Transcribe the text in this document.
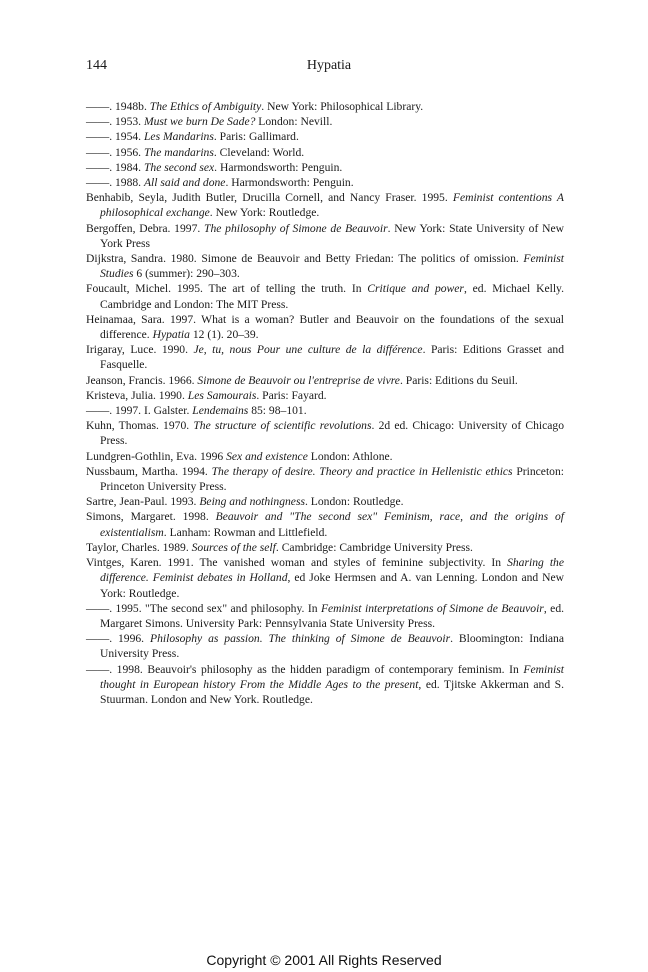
144	Hypatia

——. 1948b. The Ethics of Ambiguity. New York: Philosophical Library.

——. 1953. Must we burn De Sade? London: Nevill.

——. 1954. Les Mandarins. Paris: Gallimard.

——. 1956. The mandarins. Cleveland: World.

——. 1984. The second sex. Harmondsworth: Penguin.

——. 1988. All said and done. Harmondsworth: Penguin.

Benhabib, Seyla, Judith Butler, Drucilla Cornell, and Nancy Fraser. 1995. Feminist contentions A philosophical exchange. New York: Routledge.

Bergoffen, Debra. 1997. The philosophy of Simone de Beauvoir. New York: State University of New York Press

Dijkstra, Sandra. 1980. Simone de Beauvoir and Betty Friedan: The politics of omission. Feminist Studies 6 (summer): 290–303.

Foucault, Michel. 1995. The art of telling the truth. In Critique and power, ed. Michael Kelly. Cambridge and London: The MIT Press.

Heinamaa, Sara. 1997. What is a woman? Butler and Beauvoir on the foundations of the sexual difference. Hypatia 12 (1). 20–39.

Irigaray, Luce. 1990. Je, tu, nous Pour une culture de la différence. Paris: Editions Grasset and Fasquelle.

Jeanson, Francis. 1966. Simone de Beauvoir ou l'entreprise de vivre. Paris: Editions du Seuil.

Kristeva, Julia. 1990. Les Samourais. Paris: Fayard.

——. 1997. I. Galster. Lendemains 85: 98–101.

Kuhn, Thomas. 1970. The structure of scientific revolutions. 2d ed. Chicago: University of Chicago Press.

Lundgren-Gothlin, Eva. 1996 Sex and existence London: Athlone.

Nussbaum, Martha. 1994. The therapy of desire. Theory and practice in Hellenistic ethics Princeton: Princeton University Press.

Sartre, Jean-Paul. 1993. Being and nothingness. London: Routledge.

Simons, Margaret. 1998. Beauvoir and "The second sex" Feminism, race, and the origins of existentialism. Lanham: Rowman and Littlefield.

Taylor, Charles. 1989. Sources of the self. Cambridge: Cambridge University Press.

Vintges, Karen. 1991. The vanished woman and styles of feminine subjectivity. In Sharing the difference. Feminist debates in Holland, ed Joke Hermsen and A. van Lenning. London and New York: Routledge.

——. 1995. "The second sex" and philosophy. In Feminist interpretations of Simone de Beauvoir, ed. Margaret Simons. University Park: Pennsylvania State University Press.

——. 1996. Philosophy as passion. The thinking of Simone de Beauvoir. Bloomington: Indiana University Press.

——. 1998. Beauvoir's philosophy as the hidden paradigm of contemporary feminism. In Feminist thought in European history From the Middle Ages to the present, ed. Tjitske Akkerman and S. Stuurman. London and New York. Routledge.

Copyright © 2001 All Rights Reserved
